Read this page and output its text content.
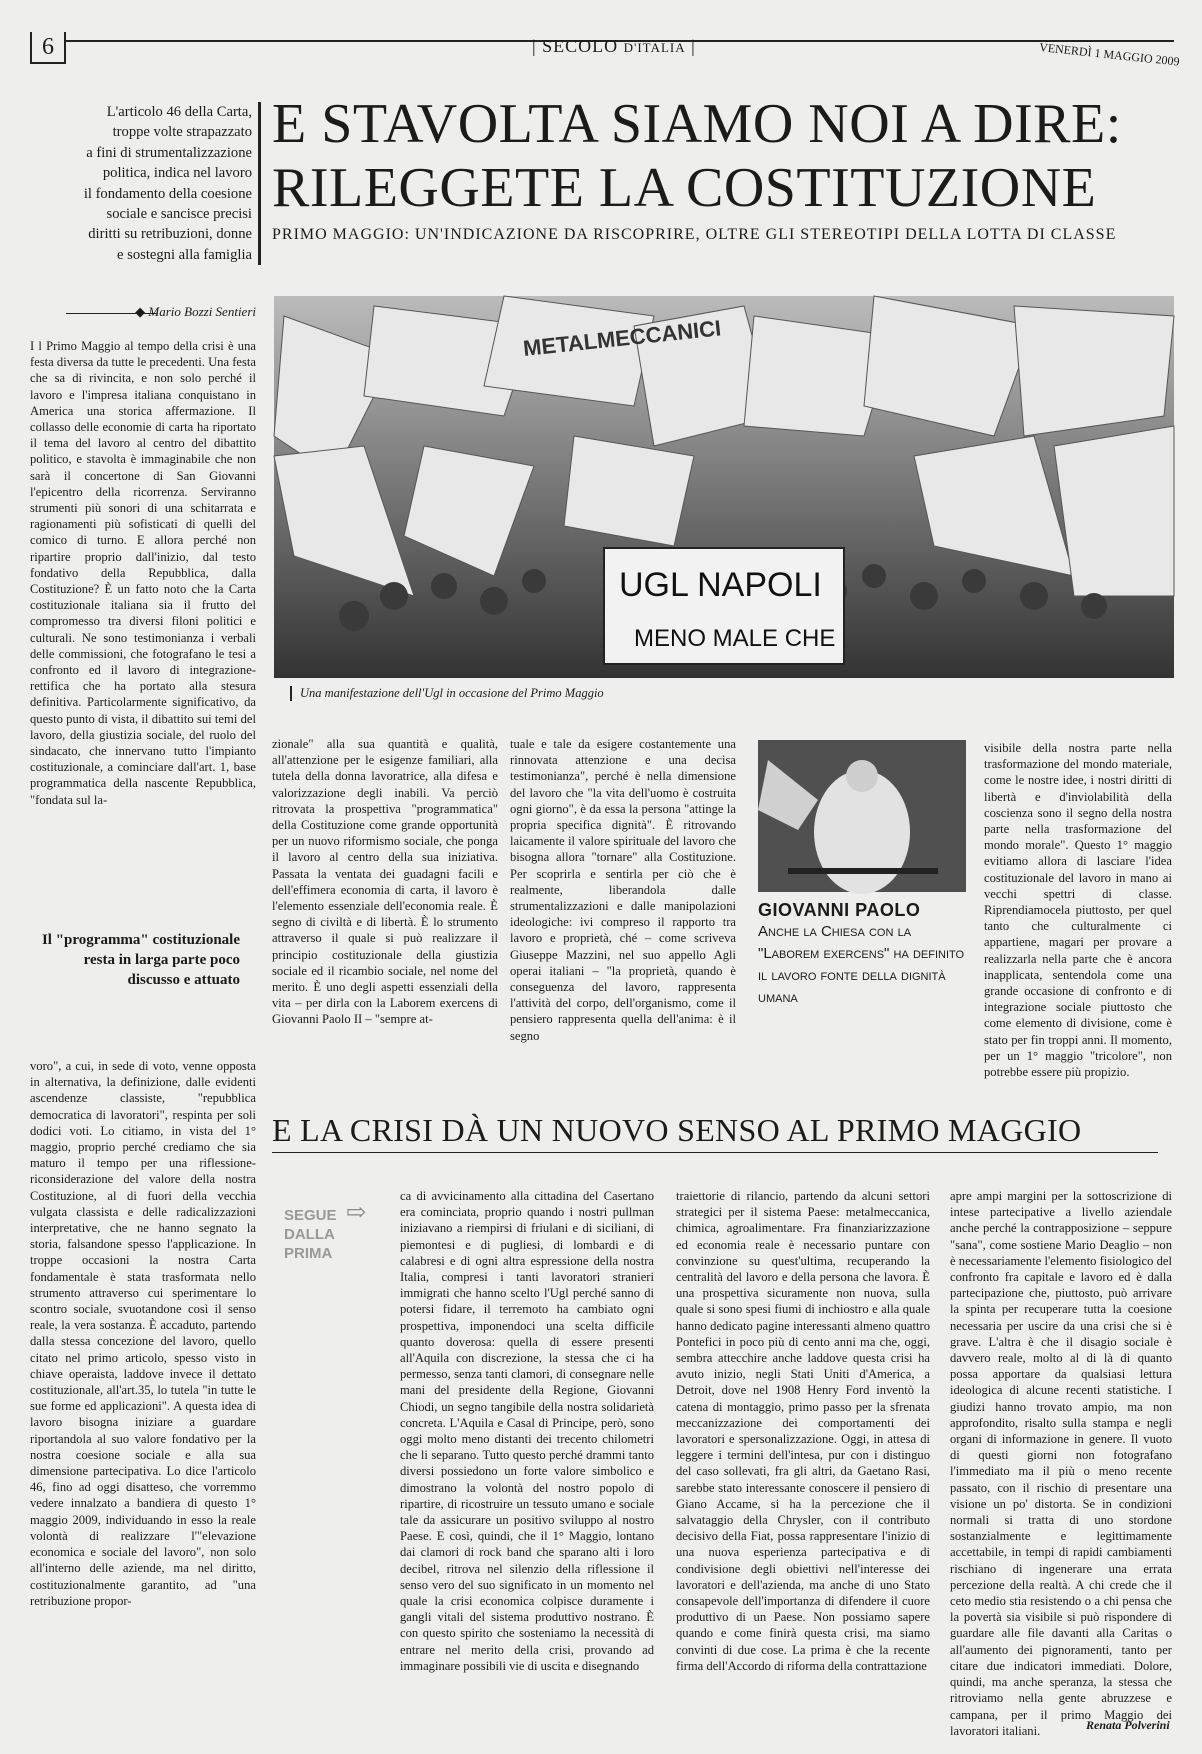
6	| SECOLO D'ITALIA |	VENERDÌ 1 MAGGIO 2009
L'articolo 46 della Carta,
troppe volte strapazzato
a fini di strumentalizzazione
politica, indica nel lavoro
il fondamento della coesione
sociale e sancisce precisi
diritti su retribuzioni, donne
e sostegni alla famiglia
E STAVOLTA SIAMO NOI A DIRE:
RILEGGETE LA COSTITUZIONE
PRIMO MAGGIO: UN'INDICAZIONE DA RISCOPRIRE, OLTRE GLI STEREOTIPI DELLA LOTTA DI CLASSE
◆ Mario Bozzi Sentieri
METALMECCANICI
UGL NAPOLI
MENO MALE CHE
Una manifestazione dell'Ugl in occasione del Primo Maggio
I l Primo Maggio al tempo della crisi è una festa diversa da tutte le precedenti. Una festa che sa di rivincita, e non solo perché il lavoro e l'impresa italiana conquistano in America una storica affermazione. Il collasso delle economie di carta ha riportato il tema del lavoro al centro del dibattito politico, e stavolta è immaginabile che non sarà il concertone di San Giovanni l'epicentro della ricorrenza. Serviranno strumenti più sonori di una schitarrata e ragionamenti più sofisticati di quelli del comico di turno. E allora perché non ripartire proprio dall'inizio, dal testo fondativo della Repubblica, dalla Costituzione? È un fatto noto che la Carta costituzionale italiana sia il frutto del compromesso tra diversi filoni politici e culturali. Ne sono testimonianza i verbali delle commissioni, che fotografano le tesi a confronto ed il lavoro di integrazione-rettifica che ha portato alla stesura definitiva. Particolarmente significativo, da questo punto di vista, il dibattito sui temi del lavoro, della giustizia sociale, del ruolo del sindacato, che innervano tutto l'impianto costituzionale, a cominciare dall'art. 1, base programmatica della nascente Repubblica, "fondata sul la-
Il "programma" costituzionale resta in larga parte poco discusso e attuato
voro", a cui, in sede di voto, venne opposta in alternativa, la definizione, dalle evidenti ascendenze classiste, "repubblica democratica di lavoratori", respinta per soli dodici voti. Lo citiamo, in vista del 1° maggio, proprio perché crediamo che sia maturo il tempo per una riflessione-riconsiderazione del valore della nostra Costituzione, al di fuori della vecchia vulgata classista e delle radicalizzazioni interpretative, che ne hanno segnato la storia, falsandone spesso l'applicazione. In troppe occasioni la nostra Carta fondamentale è stata trasformata nello strumento attraverso cui sperimentare lo scontro sociale, svuotandone così il senso reale, la vera sostanza. È accaduto, partendo dalla stessa concezione del lavoro, quello citato nel primo articolo, spesso visto in chiave operaista, laddove invece il dettato costituzionale, all'art.35, lo tutela "in tutte le sue forme ed applicazioni". A questa idea di lavoro bisogna iniziare a guardare riportandola al suo valore fondativo per la nostra coesione sociale e alla sua dimensione partecipativa. Lo dice l'articolo 46, fino ad oggi disatteso, che vorremmo vedere innalzato a bandiera di questo 1° maggio 2009, individuando in esso la reale volontà di realizzare l'"elevazione economica e sociale del lavoro", non solo all'interno delle aziende, ma nel diritto, costituzionalmente garantito, ad "una retribuzione propor-
zionale" alla sua quantità e qualità, all'attenzione per le esigenze familiari, alla tutela della donna lavoratrice, alla difesa e valorizzazione degli inabili. Va perciò ritrovata la prospettiva "programmatica" della Costituzione come grande opportunità per un nuovo riformismo sociale, che ponga il lavoro al centro della sua iniziativa. Passata la ventata dei guadagni facili e dell'effimera economia di carta, il lavoro è l'elemento essenziale dell'economia reale. È segno di civiltà e di libertà. È lo strumento attraverso il quale si può realizzare il principio costituzionale della giustizia sociale ed il ricambio sociale, nel nome del merito. È uno degli aspetti essenziali della vita – per dirla con la Laborem exercens di Giovanni Paolo II – "sempre at-
tuale e tale da esigere costantemente una rinnovata attenzione e una decisa testimonianza", perché è nella dimensione del lavoro che "la vita dell'uomo è costruita ogni giorno", è da essa la persona "attinge la propria specifica dignità". È ritrovando laicamente il valore spirituale del lavoro che bisogna allora "tornare" alla Costituzione. Per scoprirla e sentirla per ciò che è realmente, liberandola dalle strumentalizzazioni e dalle manipolazioni ideologiche: ivi compreso il rapporto tra lavoro e proprietà, ché – come scriveva Giuseppe Mazzini, nel suo appello Agli operai italiani – "la proprietà, quando è conseguenza del lavoro, rappresenta l'attività del corpo, dell'organismo, come il pensiero rappresenta quella dell'anima: è il segno
GIOVANNI PAOLO
Anche la Chiesa con la "Laborem exercens" ha definito il lavoro fonte della dignità umana
visibile della nostra parte nella trasformazione del mondo materiale, come le nostre idee, i nostri diritti di libertà e d'inviolabilità della coscienza sono il segno della nostra parte nella trasformazione del mondo morale". Questo 1° maggio evitiamo allora di lasciare l'idea costituzionale del lavoro in mano ai vecchi spettri di classe. Riprendiamocela piuttosto, per quel tanto che culturalmente ci appartiene, magari per provare a realizzarla nella parte che è ancora inapplicata, sentendola come una grande occasione di confronto e di integrazione sociale piuttosto che come elemento di divisione, come è stato per fin troppi anni. Il momento, per un 1° maggio "tricolore", non potrebbe essere più propizio.
E LA CRISI DÀ UN NUOVO SENSO AL PRIMO MAGGIO
SEGUE
DALLA
PRIMA
⇨
ca di avvicinamento alla cittadina del Casertano era cominciata, proprio quando i nostri pullman iniziavano a riempirsi di friulani e di siciliani, di piemontesi e di pugliesi, di lombardi e di calabresi e di ogni altra espressione della nostra Italia, compresi i tanti lavoratori stranieri immigrati che hanno scelto l'Ugl perché sanno di potersi fidare, il terremoto ha cambiato ogni prospettiva, imponendoci una scelta difficile quanto doverosa: quella di essere presenti all'Aquila con discrezione, la stessa che ci ha permesso, senza tanti clamori, di consegnare nelle mani del presidente della Regione, Giovanni Chiodi, un segno tangibile della nostra solidarietà concreta. L'Aquila e Casal di Principe, però, sono oggi molto meno distanti dei trecento chilometri che li separano. Tutto questo perché drammi tanto diversi possiedono un forte valore simbolico e dimostrano la volontà del nostro popolo di ripartire, di ricostruire un tessuto umano e sociale tale da assicurare un positivo sviluppo al nostro Paese. E così, quindi, che il 1° Maggio, lontano dai clamori di rock band che sparano alti i loro decibel, ritrova nel silenzio della riflessione il senso vero del suo significato in un momento nel quale la crisi economica colpisce duramente i gangli vitali del sistema produttivo nostrano. È con questo spirito che sosteniamo la necessità di entrare nel merito della crisi, provando ad immaginare possibili vie di uscita e disegnando
traiettorie di rilancio, partendo da alcuni settori strategici per il sistema Paese: metalmeccanica, chimica, agroalimentare. Fra finanziarizzazione ed economia reale è necessario puntare con convinzione su quest'ultima, recuperando la centralità del lavoro e della persona che lavora. È una prospettiva sicuramente non nuova, sulla quale si sono spesi fiumi di inchiostro e alla quale hanno dedicato pagine interessanti almeno quattro Pontefici in poco più di cento anni ma che, oggi, sembra attecchire anche laddove questa crisi ha avuto inizio, negli Stati Uniti d'America, a Detroit, dove nel 1908 Henry Ford inventò la catena di montaggio, primo passo per la sfrenata meccanizzazione dei comportamenti dei lavoratori e spersonalizzazione. Oggi, in attesa di leggere i termini dell'intesa, pur con i distinguo del caso sollevati, fra gli altri, da Gaetano Rasi, sarebbe stato interessante conoscere il pensiero di Giano Accame, si ha la percezione che il salvataggio della Chrysler, con il contributo decisivo della Fiat, possa rappresentare l'inizio di una nuova esperienza partecipativa e di condivisione degli obiettivi nell'interesse dei lavoratori e dell'azienda, ma anche di uno Stato consapevole dell'importanza di difendere il cuore produttivo di un Paese. Non possiamo sapere quando e come finirà questa crisi, ma siamo convinti di due cose. La prima è che la recente firma dell'Accordo di riforma della contrattazione
apre ampi margini per la sottoscrizione di intese partecipative a livello aziendale anche perché la contrapposizione – seppure "sana", come sostiene Mario Deaglio – non è necessariamente l'elemento fisiologico del confronto fra capitale e lavoro ed è dalla partecipazione che, piuttosto, può arrivare la spinta per recuperare tutta la coesione necessaria per uscire da una crisi che si è grave. L'altra è che il disagio sociale è davvero reale, molto al di là di quanto possa apportare da qualsiasi lettura ideologica di alcune recenti statistiche. I giudizi hanno trovato ampio, ma non approfondito, risalto sulla stampa e negli organi di informazione in genere. Il vuoto di questi giorni non fotografano l'immediato ma il più o meno recente passato, con il rischio di presentare una visione un po' distorta. Se in condizioni normali si tratta di uno stordone sostanzialmente e legittimamente accettabile, in tempi di rapidi cambiamenti rischiano di ingenerare una errata percezione della realtà. A chi crede che il ceto medio stia resistendo o a chi pensa che la povertà sia visibile si può rispondere di guardare alle file davanti alla Caritas o all'aumento dei pignoramenti, tanto per citare due indicatori immediati. Dolore, quindi, ma anche speranza, la stessa che ritroviamo nella gente abruzzese e campana, per il primo Maggio dei lavoratori italiani.	Renata Polverini
